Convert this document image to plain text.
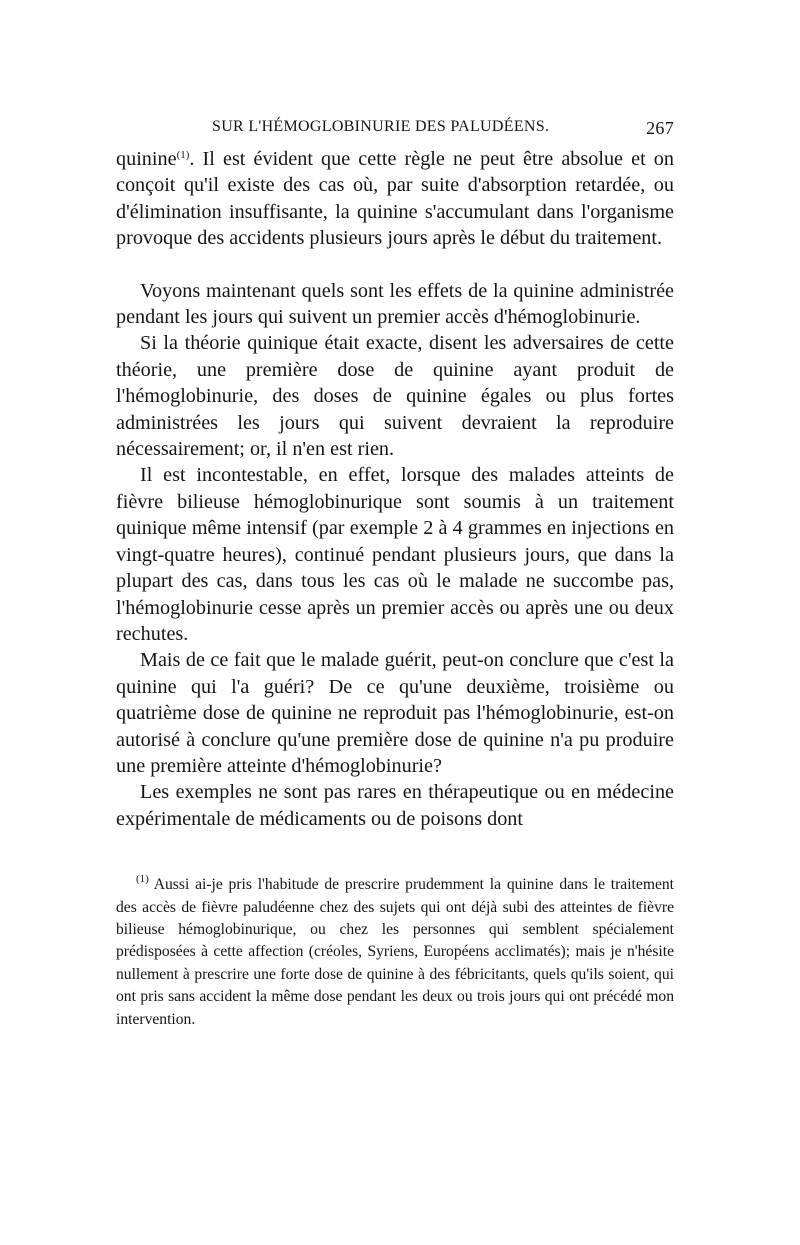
SUR L'HÉMOGLOBINURIE DES PALUDÉENS.	267

quinine$^{(1)}$. Il est évident que cette règle ne peut être absolue et on conçoit qu'il existe des cas où, par suite d'absorption retardée, ou d'élimination insuffisante, la quinine s'accumulant dans l'organisme provoque des accidents plusieurs jours après le début du traitement.

Voyons maintenant quels sont les effets de la quinine administrée pendant les jours qui suivent un premier accès d'hémoglobinurie.

Si la théorie quinique était exacte, disent les adversaires de cette théorie, une première dose de quinine ayant produit de l'hémoglobinurie, des doses de quinine égales ou plus fortes administrées les jours qui suivent devraient la reproduire nécessairement; or, il n'en est rien.

Il est incontestable, en effet, lorsque des malades atteints de fièvre bilieuse hémoglobinurique sont soumis à un traitement quinique même intensif (par exemple 2 à 4 grammes en injections en vingt-quatre heures), continué pendant plusieurs jours, que dans la plupart des cas, dans tous les cas où le malade ne succombe pas, l'hémoglobinurie cesse après un premier accès ou après une ou deux rechutes.

Mais de ce fait que le malade guérit, peut-on conclure que c'est la quinine qui l'a guéri? De ce qu'une deuxième, troisième ou quatrième dose de quinine ne reproduit pas l'hémoglobinurie, est-on autorisé à conclure qu'une première dose de quinine n'a pu produire une première atteinte d'hémoglobinurie?

Les exemples ne sont pas rares en thérapeutique ou en médecine expérimentale de médicaments ou de poisons dont

$^{(1)}$ Aussi ai-je pris l'habitude de prescrire prudemment la quinine dans le traitement des accès de fièvre paludéenne chez des sujets qui ont déjà subi des atteintes de fièvre bilieuse hémoglobinurique, ou chez les personnes qui semblent spécialement prédisposées à cette affection (créoles, Syriens, Européens acclimatés); mais je n'hésite nullement à prescrire une forte dose de quinine à des fébricitants, quels qu'ils soient, qui ont pris sans accident la même dose pendant les deux ou trois jours qui ont précédé mon intervention.
